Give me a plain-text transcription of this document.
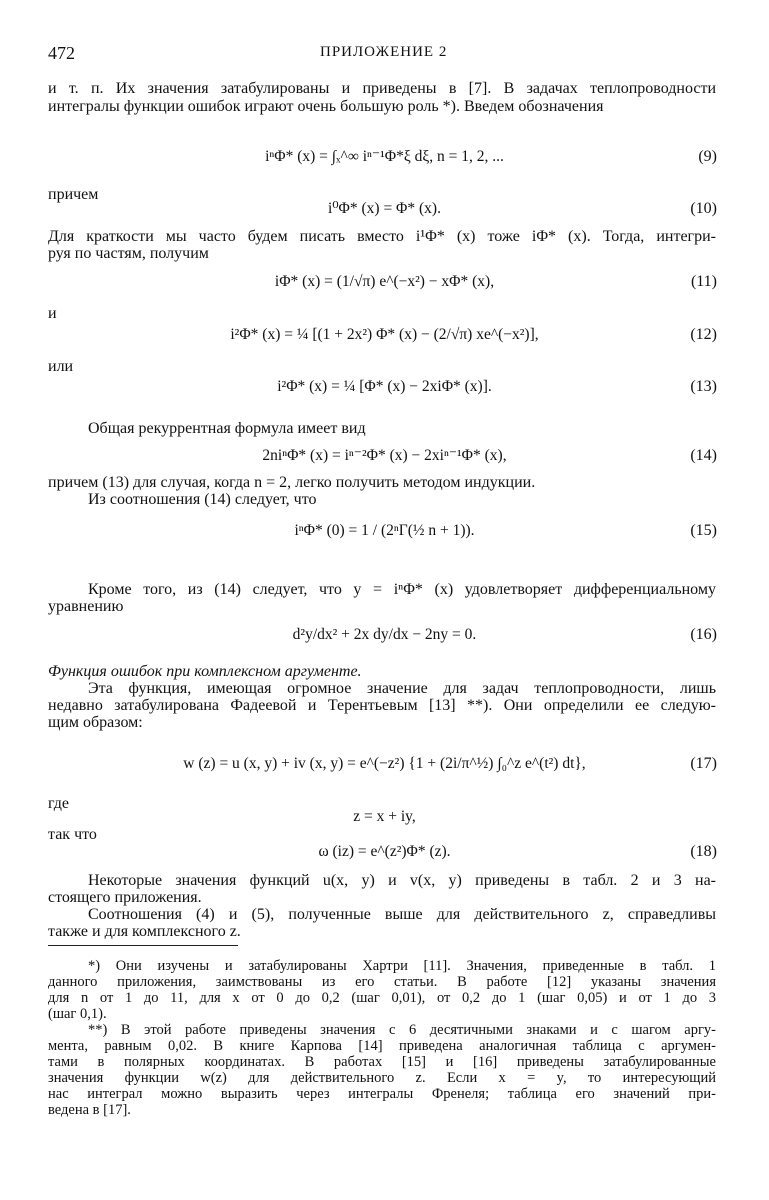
472	ПРИЛОЖЕНИЕ 2
и т. п. Их значения затабулированы и приведены в [7]. В задачах теплопроводности
интегралы функции ошибок играют очень большую роль *). Введем обозначения
iⁿΦ* (x) = ∫ₓ^∞ iⁿ⁻¹Φ*ξ dξ, n = 1, 2, ...	(9)
причем
i⁰Φ* (x) = Φ* (x).	(10)
Для краткости мы часто будем писать вместо i¹Φ* (x) тоже iΦ* (x). Тогда, интегри-
руя по частям, получим
iΦ* (x) = (1/√π) e^(−x²) − xΦ* (x),	(11)
и
i²Φ* (x) = ¼ [(1 + 2x²) Φ* (x) − (2/√π) xe^(−x²)],	(12)
или
i²Φ* (x) = ¼ [Φ* (x) − 2xiΦ* (x)].	(13)
Общая рекуррентная формула имеет вид
2niⁿΦ* (x) = iⁿ⁻²Φ* (x) − 2xiⁿ⁻¹Φ* (x),	(14)
причем (13) для случая, когда n = 2, легко получить методом индукции.
Из соотношения (14) следует, что
iⁿΦ* (0) = 1 / (2ⁿΓ(½ n + 1)).	(15)
Кроме того, из (14) следует, что y = iⁿΦ* (x) удовлетворяет дифференциальному
уравнению
d²y/dx² + 2x dy/dx − 2ny = 0.	(16)
Функция ошибок при комплексном аргументе.
Эта функция, имеющая огромное значение для задач теплопроводности, лишь
недавно затабулирована Фадеевой и Терентьевым [13] **). Они определили ее следую-
щим образом:
w (z) = u (x, y) + iv (x, y) = e^(−z²) {1 + (2i/π^½) ∫₀^z e^(t²) dt},	(17)
где
z = x + iy,
так что
ω (iz) = e^(z²)Φ* (z).	(18)
Некоторые значения функций u(x, y) и v(x, y) приведены в табл. 2 и 3 на-
стоящего приложения.
Соотношения (4) и (5), полученные выше для действительного z, справедливы
также и для комплексного z.
*) Они изучены и затабулированы Хартри [11]. Значения, приведенные в табл. 1
данного приложения, заимствованы из его статьи. В работе [12] указаны значения
для n от 1 до 11, для x от 0 до 0,2 (шаг 0,01), от 0,2 до 1 (шаг 0,05) и от 1 до 3
(шаг 0,1).
**) В этой работе приведены значения с 6 десятичными знаками и с шагом аргу-
мента, равным 0,02. В книге Карпова [14] приведена аналогичная таблица с аргумен-
тами в полярных координатах. В работах [15] и [16] приведены затабулированные
значения функции w(z) для действительного z. Если x = y, то интересующий
нас интеграл можно выразить через интегралы Френеля; таблица его значений при-
ведена в [17].
